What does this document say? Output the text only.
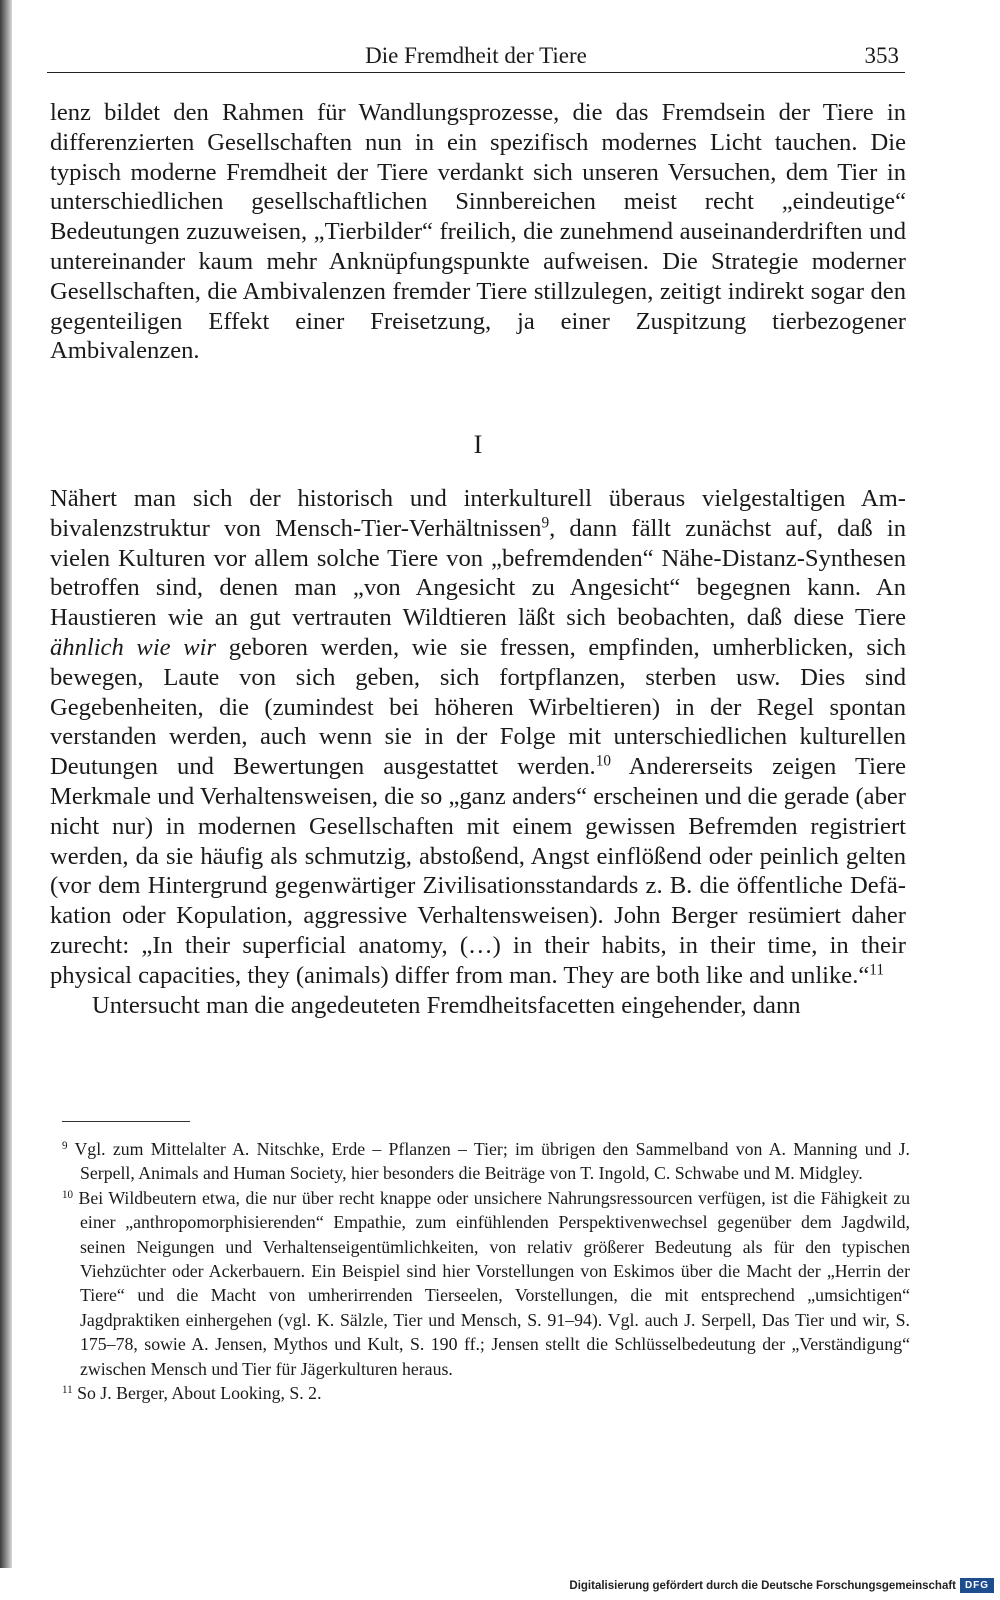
Die Fremdheit der Tiere	353

lenz bildet den Rahmen für Wandlungsprozesse, die das Fremdsein der Tiere in differenzierten Gesellschaften nun in ein spezifisch modernes Licht tauchen. Die typisch moderne Fremdheit der Tiere verdankt sich unseren Versuchen, dem Tier in unterschiedlichen gesellschaftlichen Sinnbereichen meist recht „eindeutige“ Bedeutungen zuzuweisen, „Tierbilder“ freilich, die zunehmend auseinanderdriften und untereinander kaum mehr Anknüpfungspunkte aufweisen. Die Strategie moderner Gesellschaften, die Ambivalenzen fremder Tiere stillzulegen, zeitigt indirekt sogar den gegenteiligen Effekt einer Freisetzung, ja einer Zuspitzung tierbezogener Ambivalenzen.

I

Nähert man sich der historisch und interkulturell überaus vielgestaltigen Ambivalenzstruktur von Mensch-Tier-Verhältnissen$^9$, dann fällt zunächst auf, daß in vielen Kulturen vor allem solche Tiere von „befremdenden“ Nähe-Distanz-Synthesen betroffen sind, denen man „von Angesicht zu Angesicht“ begegnen kann. An Haustieren wie an gut vertrauten Wildtieren läßt sich beobachten, daß diese Tiere ähnlich wie wir geboren werden, wie sie fressen, empfinden, umherblicken, sich bewegen, Laute von sich geben, sich fortpflanzen, sterben usw. Dies sind Gegebenheiten, die (zumindest bei höheren Wirbeltieren) in der Regel spontan verstanden werden, auch wenn sie in der Folge mit unterschiedlichen kulturellen Deutungen und Bewertungen ausgestattet werden.$^{10}$ Andererseits zeigen Tiere Merkmale und Verhaltensweisen, die so „ganz anders“ erscheinen und die gerade (aber nicht nur) in modernen Gesellschaften mit einem gewissen Befremden registriert werden, da sie häufig als schmutzig, abstoßend, Angst einflößend oder peinlich gelten (vor dem Hintergrund gegenwärtiger Zivilisationsstandards z. B. die öffentliche Defäkation oder Kopulation, aggressive Verhaltensweisen). John Berger resümiert daher zurecht: „In their superficial anatomy, (…) in their habits, in their time, in their physical capacities, they (animals) differ from man. They are both like and unlike.“$^{11}$

Untersucht man die angedeuteten Fremdheitsfacetten eingehender, dann

$^9$ Vgl. zum Mittelalter A. Nitschke, Erde – Pflanzen – Tier; im übrigen den Sammelband von A. Manning und J. Serpell, Animals and Human Society, hier besonders die Beiträge von T. Ingold, C. Schwabe und M. Midgley.

$^{10}$ Bei Wildbeutern etwa, die nur über recht knappe oder unsichere Nahrungsressourcen verfügen, ist die Fähigkeit zu einer „anthropomorphisierenden“ Empathie, zum einfühlenden Perspektivenwechsel gegenüber dem Jagdwild, seinen Neigungen und Verhaltenseigentümlichkeiten, von relativ größerer Bedeutung als für den typischen Viehzüchter oder Ackerbauern. Ein Beispiel sind hier Vorstellungen von Eskimos über die Macht der „Herrin der Tiere“ und die Macht von umherirrenden Tierseelen, Vorstellungen, die mit entsprechend „umsichtigen“ Jagdpraktiken einhergehen (vgl. K. Sälzle, Tier und Mensch, S. 91–94). Vgl. auch J. Serpell, Das Tier und wir, S. 175–78, sowie A. Jensen, Mythos und Kult, S. 190 ff.; Jensen stellt die Schlüsselbedeutung der „Verständigung“ zwischen Mensch und Tier für Jägerkulturen heraus.

$^{11}$ So J. Berger, About Looking, S. 2.

Digitalisierung gefördert durch die Deutsche Forschungsgemeinschaft DFG
